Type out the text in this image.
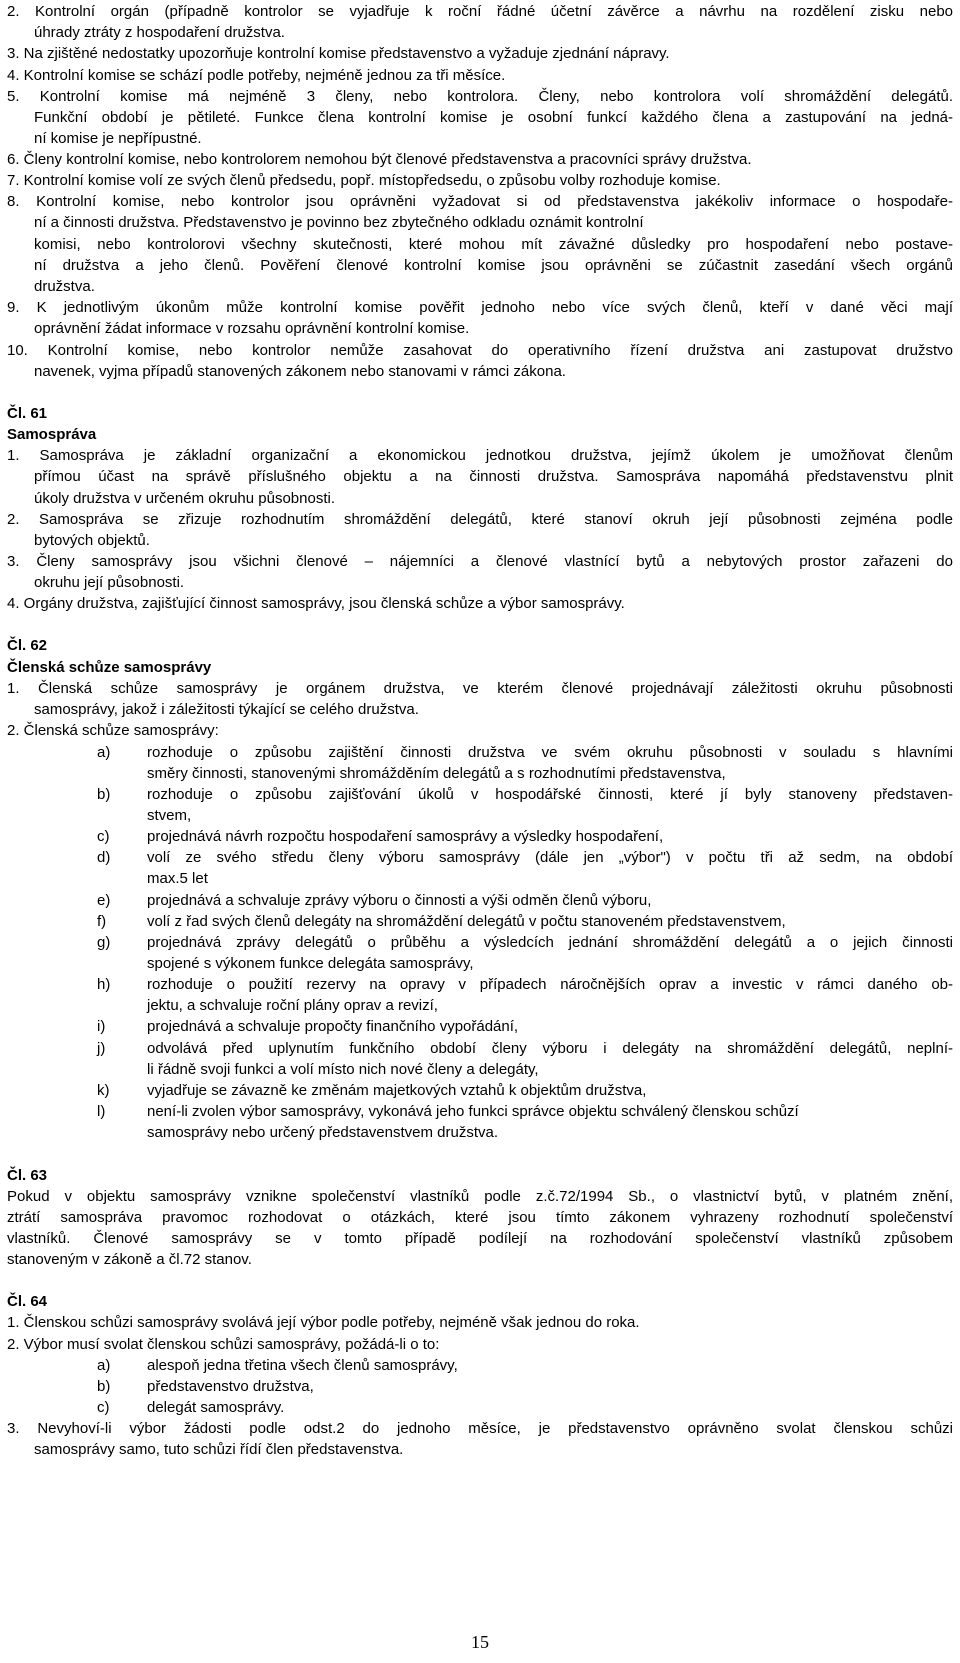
2. Kontrolní orgán (případně kontrolor se vyjadřuje k roční řádné účetní závěrce a návrhu na rozdělení zisku nebo
úhrady ztráty z hospodaření družstva.
3. Na zjištěné nedostatky upozorňuje kontrolní komise představenstvo a vyžaduje zjednání nápravy.
4. Kontrolní komise se schází podle potřeby, nejméně jednou za tři měsíce.
5. Kontrolní komise má nejméně 3 členy, nebo kontrolora. Členy, nebo kontrolora volí shromáždění delegátů.
Funkční období je pětileté. Funkce člena kontrolní komise je osobní funkcí každého člena a zastupování na jedná-
ní komise je nepřípustné.
6. Členy kontrolní komise, nebo kontrolorem nemohou být členové představenstva a pracovníci správy družstva.
7. Kontrolní komise volí ze svých členů předsedu, popř. místopředsedu, o způsobu volby rozhoduje komise.
8. Kontrolní komise, nebo kontrolor jsou oprávněni vyžadovat si od představenstva jakékoliv informace o hospodaře-
ní a činnosti družstva. Představenstvo je povinno bez zbytečného odkladu oznámit kontrolní
komisi, nebo kontrolorovi všechny skutečnosti, které mohou mít závažné důsledky pro hospodaření nebo postave-
ní družstva a jeho členů. Pověření členové kontrolní komise jsou oprávněni se zúčastnit zasedání všech orgánů
družstva.
9. K jednotlivým úkonům může kontrolní komise pověřit jednoho nebo více svých členů, kteří v dané věci mají
oprávnění žádat informace v rozsahu oprávnění kontrolní komise.
10. Kontrolní komise, nebo kontrolor nemůže zasahovat do operativního řízení družstva ani zastupovat družstvo
navenek, vyjma případů stanovených zákonem nebo stanovami v rámci zákona.
Čl. 61
Samospráva
1. Samospráva je základní organizační a ekonomickou jednotkou družstva, jejímž úkolem je umožňovat členům
přímou účast na správě příslušného objektu a na činnosti družstva. Samospráva napomáhá představenstvu plnit
úkoly družstva v určeném okruhu působnosti.
2. Samospráva se zřizuje rozhodnutím shromáždění delegátů, které stanoví okruh její působnosti zejména podle
bytových objektů.
3. Členy samosprávy jsou všichni členové – nájemníci a členové vlastnící bytů a nebytových prostor zařazeni do
okruhu její působnosti.
4. Orgány družstva, zajišťující činnost samosprávy, jsou členská schůze a výbor samosprávy.
Čl. 62
Členská schůze samosprávy
1. Členská schůze samosprávy je orgánem družstva, ve kterém členové projednávají záležitosti okruhu působnosti
samosprávy, jakož i záležitosti týkající se celého družstva.
2. Členská schůze samosprávy:
a) rozhoduje o způsobu zajištění činnosti družstva ve svém okruhu působnosti v souladu s hlavními
směry činnosti, stanovenými shromážděním delegátů a s rozhodnutími představenstva,
b) rozhoduje o způsobu zajišťování úkolů v hospodářské činnosti, které jí byly stanoveny představen-
stvem,
c)	projednává návrh rozpočtu hospodaření samosprávy a výsledky hospodaření,
d) volí ze svého středu členy výboru samosprávy (dále jen „výbor") v počtu tři až sedm, na období
max.5 let
e) projednává a schvaluje zprávy výboru o činnosti a výši odměn členů výboru,
f)	volí z řad svých členů delegáty na shromáždění delegátů v počtu stanoveném představenstvem,
g) projednává zprávy delegátů o průběhu a výsledcích jednání shromáždění delegátů a o jejich činnosti
spojené s výkonem funkce delegáta samosprávy,
h) rozhoduje o použití rezervy na opravy v případech náročnějších oprav a investic v rámci daného ob-
jektu, a schvaluje roční plány oprav a revizí,
i)	projednává a schvaluje propočty finančního vypořádání,
j)	odvolává před uplynutím funkčního období členy výboru i delegáty na shromáždění delegátů, neplní-
li řádně svoji funkci a volí místo nich nové členy a delegáty,
k)	vyjadřuje se závazně ke změnám majetkových vztahů k objektům družstva,
l)	není-li zvolen výbor samosprávy, vykonává jeho funkci správce objektu schválený členskou schůzí
samosprávy nebo určený představenstvem družstva.
Čl. 63
Pokud v objektu samosprávy vznikne společenství vlastníků podle z.č.72/1994 Sb., o vlastnictví bytů, v platném znění,
ztrátí samospráva pravomoc rozhodovat o otázkách, které jsou tímto zákonem vyhrazeny rozhodnutí společenství
vlastníků. Členové samosprávy se v tomto případě podílejí na rozhodování společenství vlastníků způsobem
stanoveným v zákoně a čl.72 stanov.
Čl. 64
1. Členskou schůzi samosprávy svolává její výbor podle potřeby, nejméně však jednou do roka.
2. Výbor musí svolat členskou schůzi samosprávy, požádá-li o to:
a) alespoň jedna třetina všech členů samosprávy,
b) představenstvo družstva,
c)	delegát samosprávy.
3. Nevyhoví-li výbor žádosti podle odst.2 do jednoho měsíce, je představenstvo oprávněno svolat členskou schůzi
samosprávy samo, tuto schůzi řídí člen představenstva.
15
